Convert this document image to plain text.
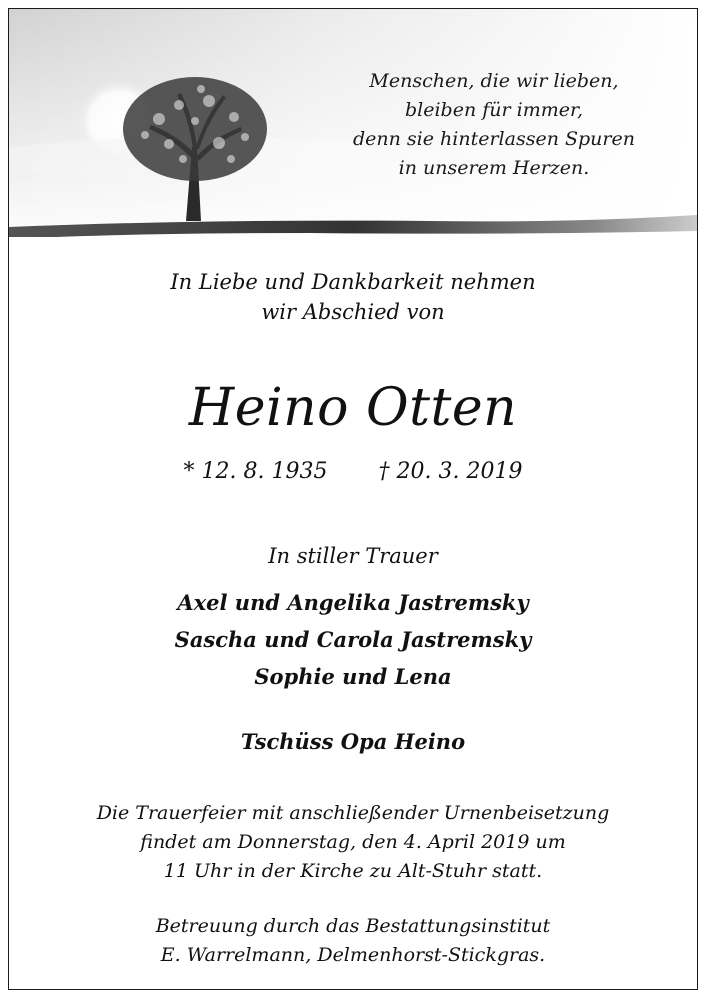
Menschen, die wir lieben,
bleiben für immer,
denn sie hinterlassen Spuren
in unserem Herzen.
In Liebe und Dankbarkeit nehmen
wir Abschied von
Heino Otten
* 12. 8. 1935 † 20. 3. 2019
In stiller Trauer
Axel und Angelika Jastremsky
Sascha und Carola Jastremsky
Sophie und Lena
Tschüss Opa Heino
Die Trauerfeier mit anschließender Urnenbeisetzung
findet am Donnerstag, den 4. April 2019 um
11 Uhr in der Kirche zu Alt-Stuhr statt.
Betreuung durch das Bestattungsinstitut
E. Warrelmann, Delmenhorst-Stickgras.
